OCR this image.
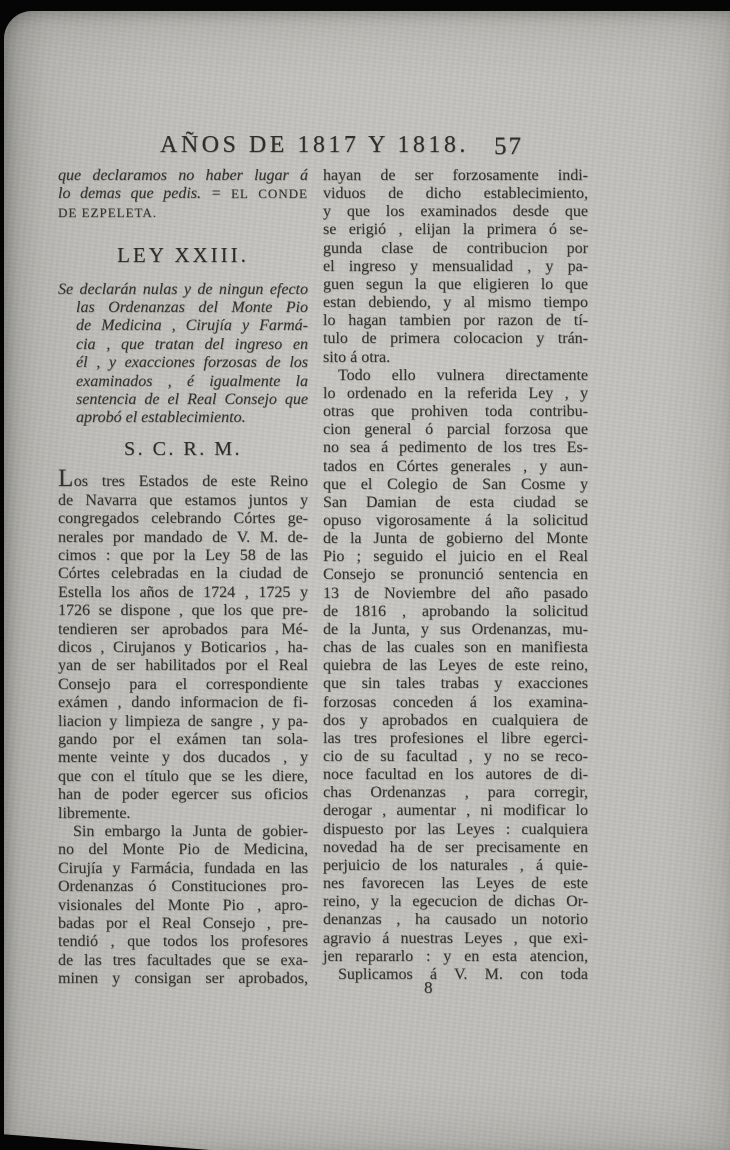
AÑOS DE 1817 Y 1818. 57
que declaramos no haber lugar á
lo demas que pedis. = EL CONDE
DE EZPELETA.
LEY XXIII.
Se declarán nulas y de ningun efecto
las Ordenanzas del Monte Pio
de Medicina , Cirujía y Farmá-
cia , que tratan del ingreso en
él , y exacciones forzosas de los
examinados , é igualmente la
sentencia de el Real Consejo que
aprobó el establecimiento.
S. C. R. M.
Los tres Estados de este Reino
de Navarra que estamos juntos y
congregados celebrando Córtes ge-
nerales por mandado de V. M. de-
cimos : que por la Ley 58 de las
Córtes celebradas en la ciudad de
Estella los años de 1724 , 1725 y
1726 se dispone , que los que pre-
tendieren ser aprobados para Mé-
dicos , Cirujanos y Boticarios , ha-
yan de ser habilitados por el Real
Consejo para el correspondiente
exámen , dando informacion de fi-
liacion y limpieza de sangre , y pa-
gando por el exámen tan sola-
mente veinte y dos ducados , y
que con el título que se les diere,
han de poder egercer sus oficios
libremente.
Sin embargo la Junta de gobier-
no del Monte Pio de Medicina,
Cirujía y Farmácia, fundada en las
Ordenanzas ó Constituciones pro-
visionales del Monte Pio , apro-
badas por el Real Consejo , pre-
tendió , que todos los profesores
de las tres facultades que se exa-
minen y consigan ser aprobados,
hayan de ser forzosamente indi-
viduos de dicho establecimiento,
y que los examinados desde que
se erigió , elijan la primera ó se-
gunda clase de contribucion por
el ingreso y mensualidad , y pa-
guen segun la que eligieren lo que
estan debiendo, y al mismo tiempo
lo hagan tambien por razon de tí-
tulo de primera colocacion y trán-
sito á otra.
Todo ello vulnera directamente
lo ordenado en la referida Ley , y
otras que prohiven toda contribu-
cion general ó parcial forzosa que
no sea á pedimento de los tres Es-
tados en Córtes generales , y aun-
que el Colegio de San Cosme y
San Damian de esta ciudad se
opuso vigorosamente á la solicitud
de la Junta de gobierno del Monte
Pio ; seguido el juicio en el Real
Consejo se pronunció sentencia en
13 de Noviembre del año pasado
de 1816 , aprobando la solicitud
de la Junta, y sus Ordenanzas, mu-
chas de las cuales son en manifiesta
quiebra de las Leyes de este reino,
que sin tales trabas y exacciones
forzosas conceden á los examina-
dos y aprobados en cualquiera de
las tres profesiones el libre egerci-
cio de su facultad , y no se reco-
noce facultad en los autores de di-
chas Ordenanzas , para corregir,
derogar , aumentar , ni modificar lo
dispuesto por las Leyes : cualquiera
novedad ha de ser precisamente en
perjuicio de los naturales , á quie-
nes favorecen las Leyes de este
reino, y la egecucion de dichas Or-
denanzas , ha causado un notorio
agravio á nuestras Leyes , que exi-
jen repararlo : y en esta atencion,
Suplicamos á V. M. con toda
8
